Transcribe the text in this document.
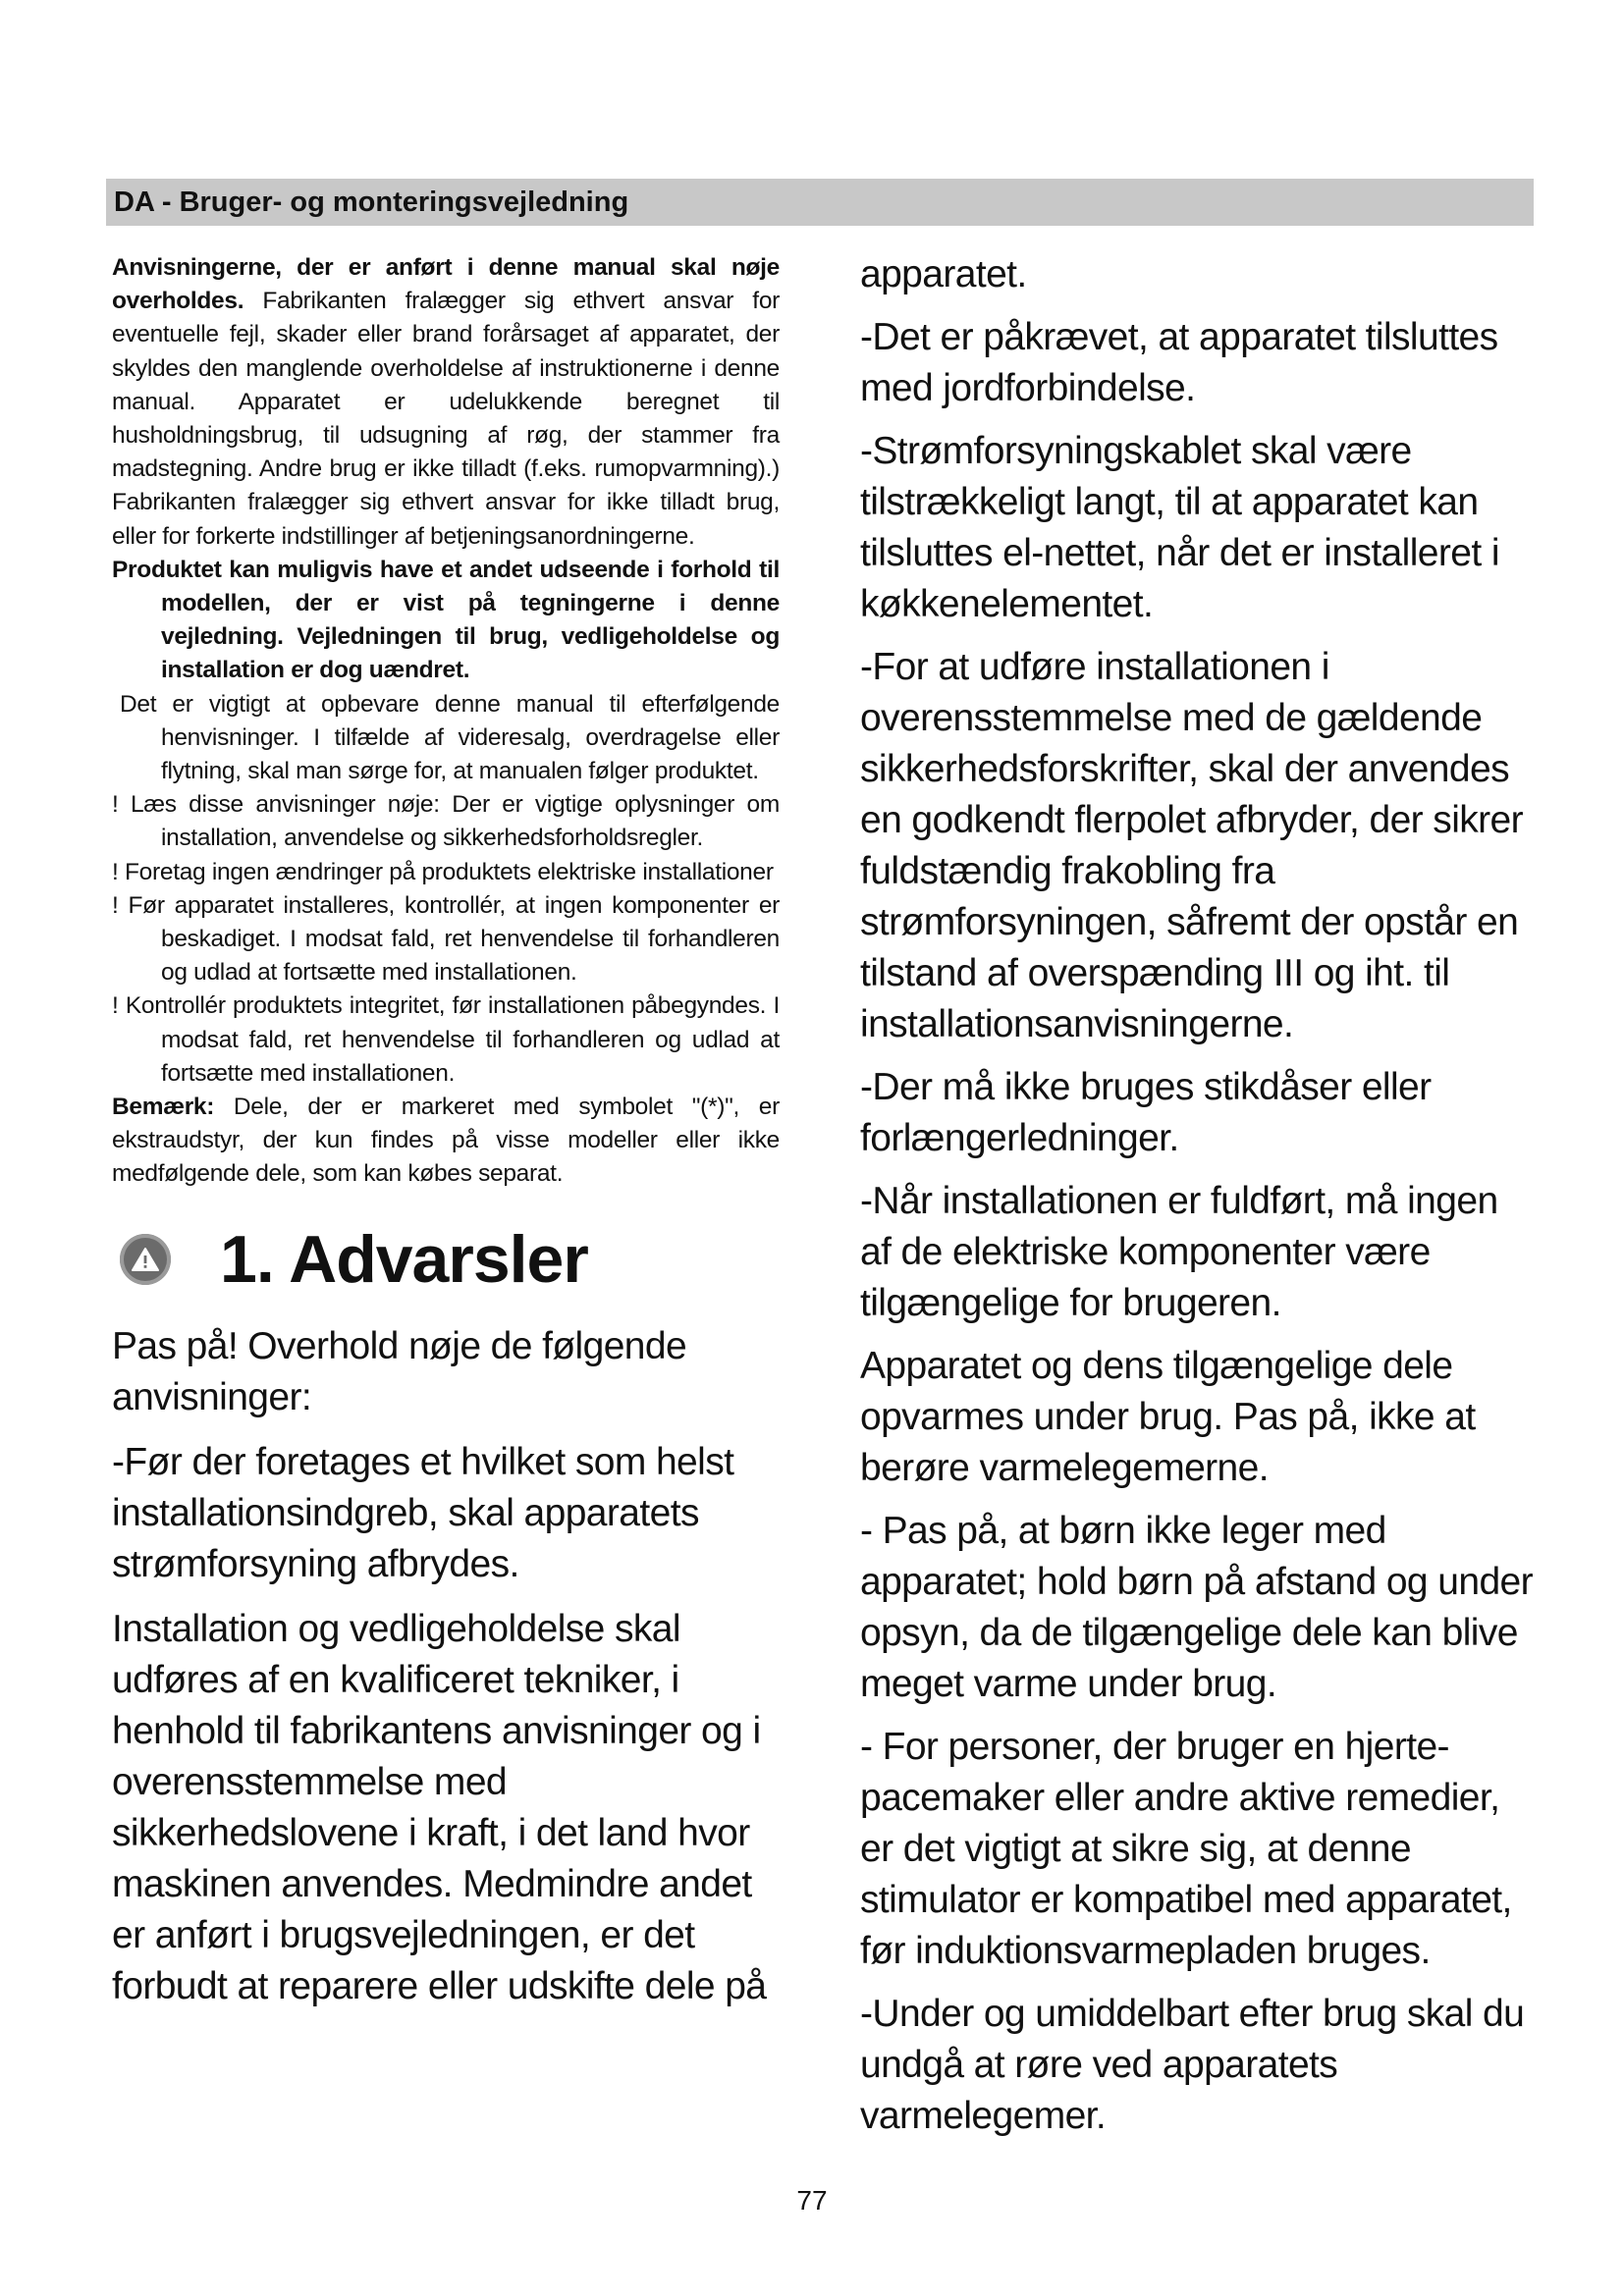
DA - Bruger- og monteringsvejledning

Anvisningerne, der er anført i denne manual skal nøje overholdes. Fabrikanten fralægger sig ethvert ansvar for eventuelle fejl, skader eller brand forårsaget af apparatet, der skyldes den manglende overholdelse af instruktionerne i denne manual. Apparatet er udelukkende beregnet til husholdningsbrug, til udsugning af røg, der stammer fra madstegning. Andre brug er ikke tilladt (f.eks. rumopvarmning).) Fabrikanten fralægger sig ethvert ansvar for ikke tilladt brug, eller for forkerte indstillinger af betjeningsanordningerne.

Produktet kan muligvis have et andet udseende i forhold til modellen, der er vist på tegningerne i denne vejledning. Vejledningen til brug, vedligeholdelse og installation er dog uændret.

Det er vigtigt at opbevare denne manual til efterfølgende henvisninger. I tilfælde af videresalg, overdragelse eller flytning, skal man sørge for, at manualen følger produktet.

! Læs disse anvisninger nøje: Der er vigtige oplysninger om installation, anvendelse og sikkerhedsforholdsregler.

! Foretag ingen ændringer på produktets elektriske installationer

! Før apparatet installeres, kontrollér, at ingen komponenter er beskadiget. I modsat fald, ret henvendelse til forhandleren og udlad at fortsætte med installationen.

! Kontrollér produktets integritet, før installationen påbegyndes. I modsat fald, ret henvendelse til forhandleren og udlad at fortsætte med installationen.

Bemærk: Dele, der er markeret med symbolet "(*)", er ekstraudstyr, der kun findes på visse modeller eller ikke medfølgende dele, som kan købes separat.

1. Advarsler

Pas på! Overhold nøje de følgende anvisninger:

-Før der foretages et hvilket som helst installationsindgreb, skal apparatets strømforsyning afbrydes.

Installation og vedligeholdelse skal udføres af en kvalificeret tekniker, i henhold til fabrikantens anvisninger og i overensstemmelse med sikkerhedslovene i kraft, i det land hvor maskinen anvendes. Medmindre andet er anført i brugsvejledningen, er det forbudt at reparere eller udskifte dele på

apparatet.

-Det er påkrævet, at apparatet tilsluttes med jordforbindelse.

-Strømforsyningskablet skal være tilstrækkeligt langt, til at apparatet kan tilsluttes el-nettet, når det er installeret i køkkenelementet.

-For at udføre installationen i overensstemmelse med de gældende sikkerhedsforskrifter, skal der anvendes en godkendt flerpolet afbryder, der sikrer fuldstændig frakobling fra strømforsyningen, såfremt der opstår en tilstand af overspænding III og iht. til installationsanvisningerne.

-Der må ikke bruges stikdåser eller forlængerledninger.

-Når installationen er fuldført, må ingen af de elektriske komponenter være tilgængelige for brugeren.

Apparatet og dens tilgængelige dele opvarmes under brug. Pas på, ikke at berøre varmelegemerne.

- Pas på, at børn ikke leger med apparatet; hold børn på afstand og under opsyn, da de tilgængelige dele kan blive meget varme under brug.

- For personer, der bruger en hjerte-pacemaker eller andre aktive remedier, er det vigtigt at sikre sig, at denne stimulator er kompatibel med apparatet, før induktionsvarmepladen bruges.

-Under og umiddelbart efter brug skal du undgå at røre ved apparatets varmelegemer.

77
